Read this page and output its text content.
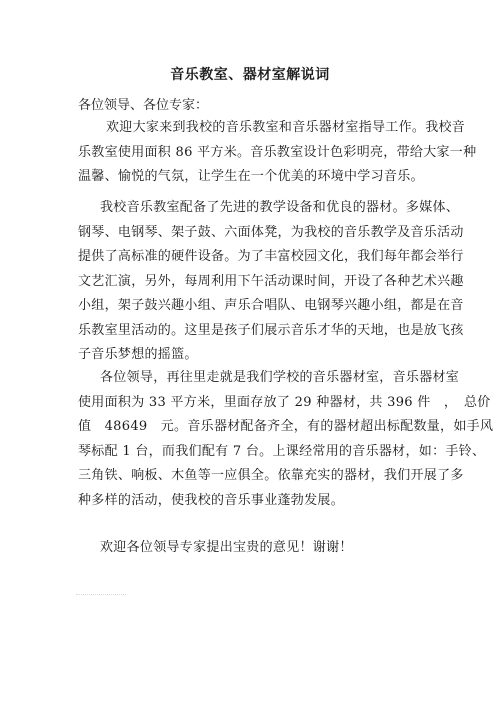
音乐教室、器材室解说词
各位领导、各位专家：
欢迎大家来到我校的音乐教室和音乐器材室指导工作。我校音
乐教室使用面积 86 平方米。音乐教室设计色彩明亮，带给大家一种
温馨、愉悦的气氛，让学生在一个优美的环境中学习音乐。
我校音乐教室配备了先进的教学设备和优良的器材。多媒体、
钢琴、电钢琴、架子鼓、六面体凳，为我校的音乐教学及音乐活动
提供了高标准的硬件设备。为了丰富校园文化，我们每年都会举行
文艺汇演，另外，每周利用下午活动课时间，开设了各种艺术兴趣
小组，架子鼓兴趣小组、声乐合唱队、电钢琴兴趣小组，都是在音
乐教室里活动的。这里是孩子们展示音乐才华的天地，也是放飞孩
子音乐梦想的摇篮。
各位领导，再往里走就是我们学校的音乐器材室，音乐器材室
使用面积为 33 平方米，里面存放了 29 种器材，共 396 件　，　总价
值　48649　元。音乐器材配备齐全，有的器材超出标配数量，如手风
琴标配 1 台，而我们配有 7 台。上课经常用的音乐器材，如：手铃、
三角铁、响板、木鱼等一应俱全。依靠充实的器材，我们开展了多
种多样的活动，使我校的音乐事业蓬勃发展。
欢迎各位领导专家提出宝贵的意见！谢谢！
